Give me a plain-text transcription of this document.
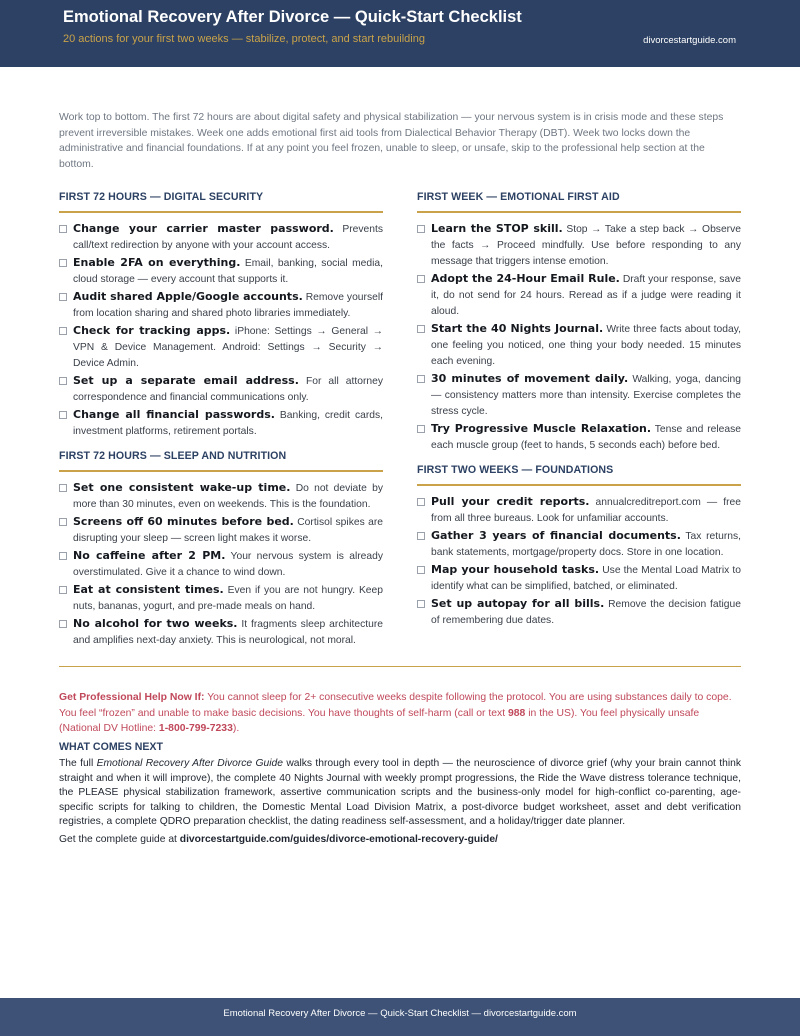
Emotional Recovery After Divorce — Quick-Start Checklist
20 actions for your first two weeks — stabilize, protect, and start rebuilding	divorcestartguide.com

Work top to bottom. The first 72 hours are about digital safety and physical stabilization — your nervous system is in crisis mode and these steps prevent irreversible mistakes. Week one adds emotional first aid tools from Dialectical Behavior Therapy (DBT). Week two locks down the administrative and financial foundations. If at any point you feel frozen, unable to sleep, or unsafe, skip to the professional help section at the bottom.

FIRST 72 HOURS — DIGITAL SECURITY
Change your carrier master password. Prevents call/text redirection by anyone with your account access.
Enable 2FA on everything. Email, banking, social media, cloud storage — every account that supports it.
Audit shared Apple/Google accounts. Remove yourself from location sharing and shared photo libraries immediately.
Check for tracking apps. iPhone: Settings → General → VPN & Device Management. Android: Settings → Security → Device Admin.
Set up a separate email address. For all attorney correspondence and financial communications only.
Change all financial passwords. Banking, credit cards, investment platforms, retirement portals.
FIRST 72 HOURS — SLEEP AND NUTRITION
Set one consistent wake-up time. Do not deviate by more than 30 minutes, even on weekends. This is the foundation.
Screens off 60 minutes before bed. Cortisol spikes are disrupting your sleep — screen light makes it worse.
No caffeine after 2 PM. Your nervous system is already overstimulated. Give it a chance to wind down.
Eat at consistent times. Even if you are not hungry. Keep nuts, bananas, yogurt, and pre-made meals on hand.
No alcohol for two weeks. It fragments sleep architecture and amplifies next-day anxiety. This is neurological, not moral.
FIRST WEEK — EMOTIONAL FIRST AID
Learn the STOP skill. Stop → Take a step back → Observe the facts → Proceed mindfully. Use before responding to any message that triggers intense emotion.
Adopt the 24-Hour Email Rule. Draft your response, save it, do not send for 24 hours. Reread as if a judge were reading it aloud.
Start the 40 Nights Journal. Write three facts about today, one feeling you noticed, one thing your body needed. 15 minutes each evening.
30 minutes of movement daily. Walking, yoga, dancing — consistency matters more than intensity. Exercise completes the stress cycle.
Try Progressive Muscle Relaxation. Tense and release each muscle group (feet to hands, 5 seconds each) before bed.
FIRST TWO WEEKS — FOUNDATIONS
Pull your credit reports. annualcreditreport.com — free from all three bureaus. Look for unfamiliar accounts.
Gather 3 years of financial documents. Tax returns, bank statements, mortgage/property docs. Store in one location.
Map your household tasks. Use the Mental Load Matrix to identify what can be simplified, batched, or eliminated.
Set up autopay for all bills. Remove the decision fatigue of remembering due dates.

Get Professional Help Now If: You cannot sleep for 2+ consecutive weeks despite following the protocol. You are using substances daily to cope. You feel “frozen” and unable to make basic decisions. You have thoughts of self-harm (call or text 988 in the US). You feel physically unsafe (National DV Hotline: 1-800-799-7233).

WHAT COMES NEXT

The full Emotional Recovery After Divorce Guide walks through every tool in depth — the neuroscience of divorce grief (why your brain cannot think straight and when it will improve), the complete 40 Nights Journal with weekly prompt progressions, the Ride the Wave distress tolerance technique, the PLEASE physical stabilization framework, assertive communication scripts and the business-only model for high-conflict co-parenting, age-specific scripts for talking to children, the Domestic Mental Load Division Matrix, a post-divorce budget worksheet, asset and debt verification registries, a complete QDRO preparation checklist, the dating readiness self-assessment, and a holiday/trigger date planner.

Get the complete guide at divorcestartguide.com/guides/divorce-emotional-recovery-guide/

Emotional Recovery After Divorce — Quick-Start Checklist — divorcestartguide.com
